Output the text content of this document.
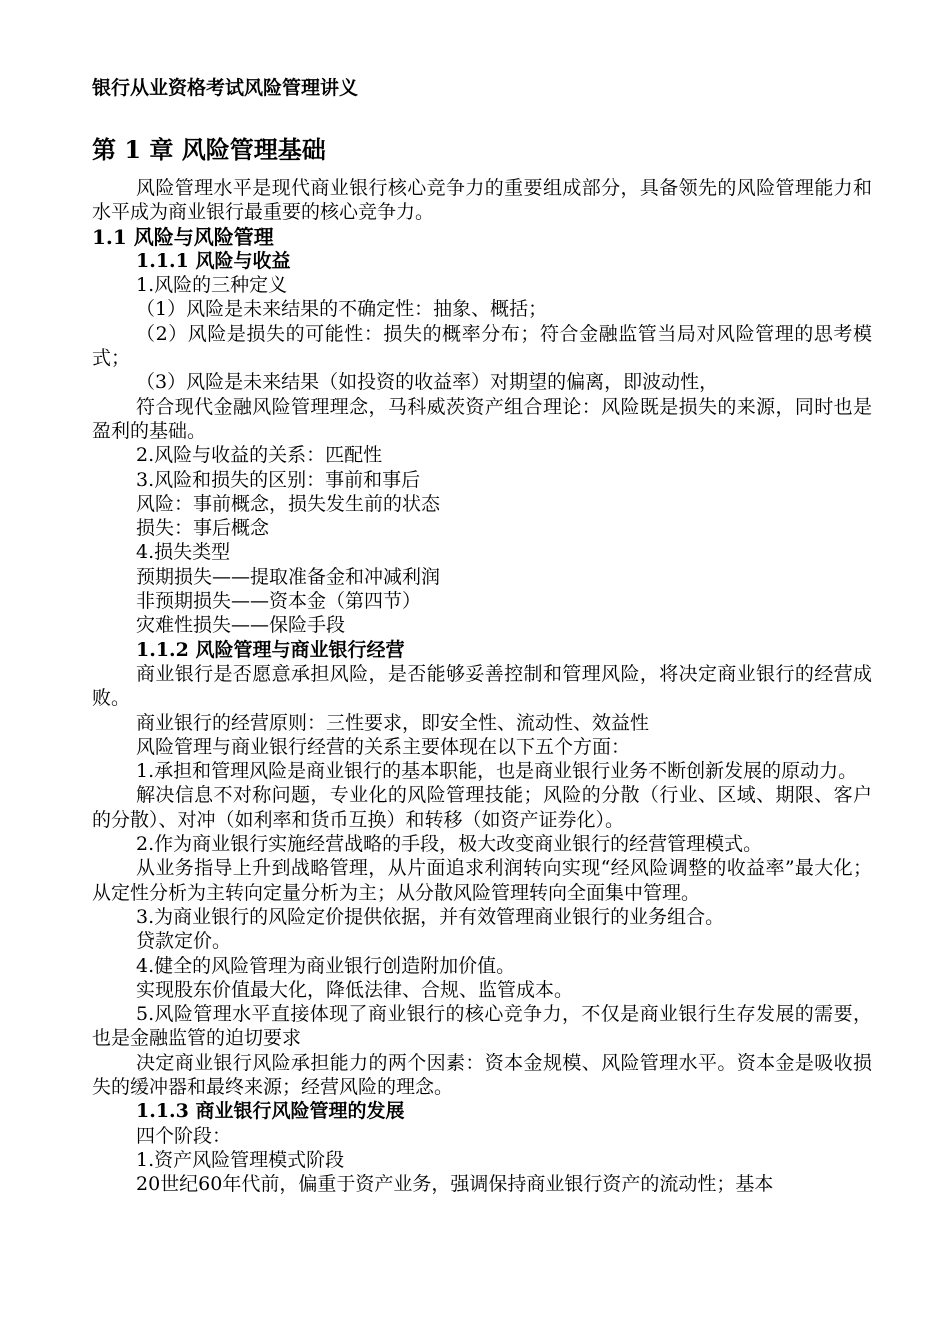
银行从业资格考试风险管理讲义
第 1 章 风险管理基础

风险管理水平是现代商业银行核心竞争力的重要组成部分，具备领先的风险管理能力和水平成为商业银行最重要的核心竞争力。

1.1 风险与风险管理

1.1.1 风险与收益

1.风险的三种定义

（1）风险是未来结果的不确定性：抽象、概括；

（2）风险是损失的可能性：损失的概率分布；符合金融监管当局对风险管理的思考模式；

（3）风险是未来结果（如投资的收益率）对期望的偏离，即波动性，

符合现代金融风险管理理念，马科威茨资产组合理论：风险既是损失的来源，同时也是盈利的基础。

2.风险与收益的关系：匹配性

3.风险和损失的区别：事前和事后

风险：事前概念，损失发生前的状态

损失：事后概念

4.损失类型

预期损失——提取准备金和冲减利润

非预期损失——资本金（第四节）

灾难性损失——保险手段

1.1.2 风险管理与商业银行经营

商业银行是否愿意承担风险，是否能够妥善控制和管理风险，将决定商业银行的经营成败。

商业银行的经营原则：三性要求，即安全性、流动性、效益性

风险管理与商业银行经营的关系主要体现在以下五个方面：

1.承担和管理风险是商业银行的基本职能，也是商业银行业务不断创新发展的原动力。

解决信息不对称问题，专业化的风险管理技能；风险的分散（行业、区域、期限、客户的分散）、对冲（如利率和货币互换）和转移（如资产证券化）。

2.作为商业银行实施经营战略的手段，极大改变商业银行的经营管理模式。

从业务指导上升到战略管理，从片面追求利润转向实现“经风险调整的收益率”最大化；从定性分析为主转向定量分析为主；从分散风险管理转向全面集中管理。

3.为商业银行的风险定价提供依据，并有效管理商业银行的业务组合。

贷款定价。

4.健全的风险管理为商业银行创造附加价值。

实现股东价值最大化，降低法律、合规、监管成本。

5.风险管理水平直接体现了商业银行的核心竞争力，不仅是商业银行生存发展的需要，也是金融监管的迫切要求

决定商业银行风险承担能力的两个因素：资本金规模、风险管理水平。资本金是吸收损失的缓冲器和最终来源；经营风险的理念。

1.1.3 商业银行风险管理的发展

四个阶段：

1.资产风险管理模式阶段

20世纪60年代前，偏重于资产业务，强调保持商业银行资产的流动性；基本
